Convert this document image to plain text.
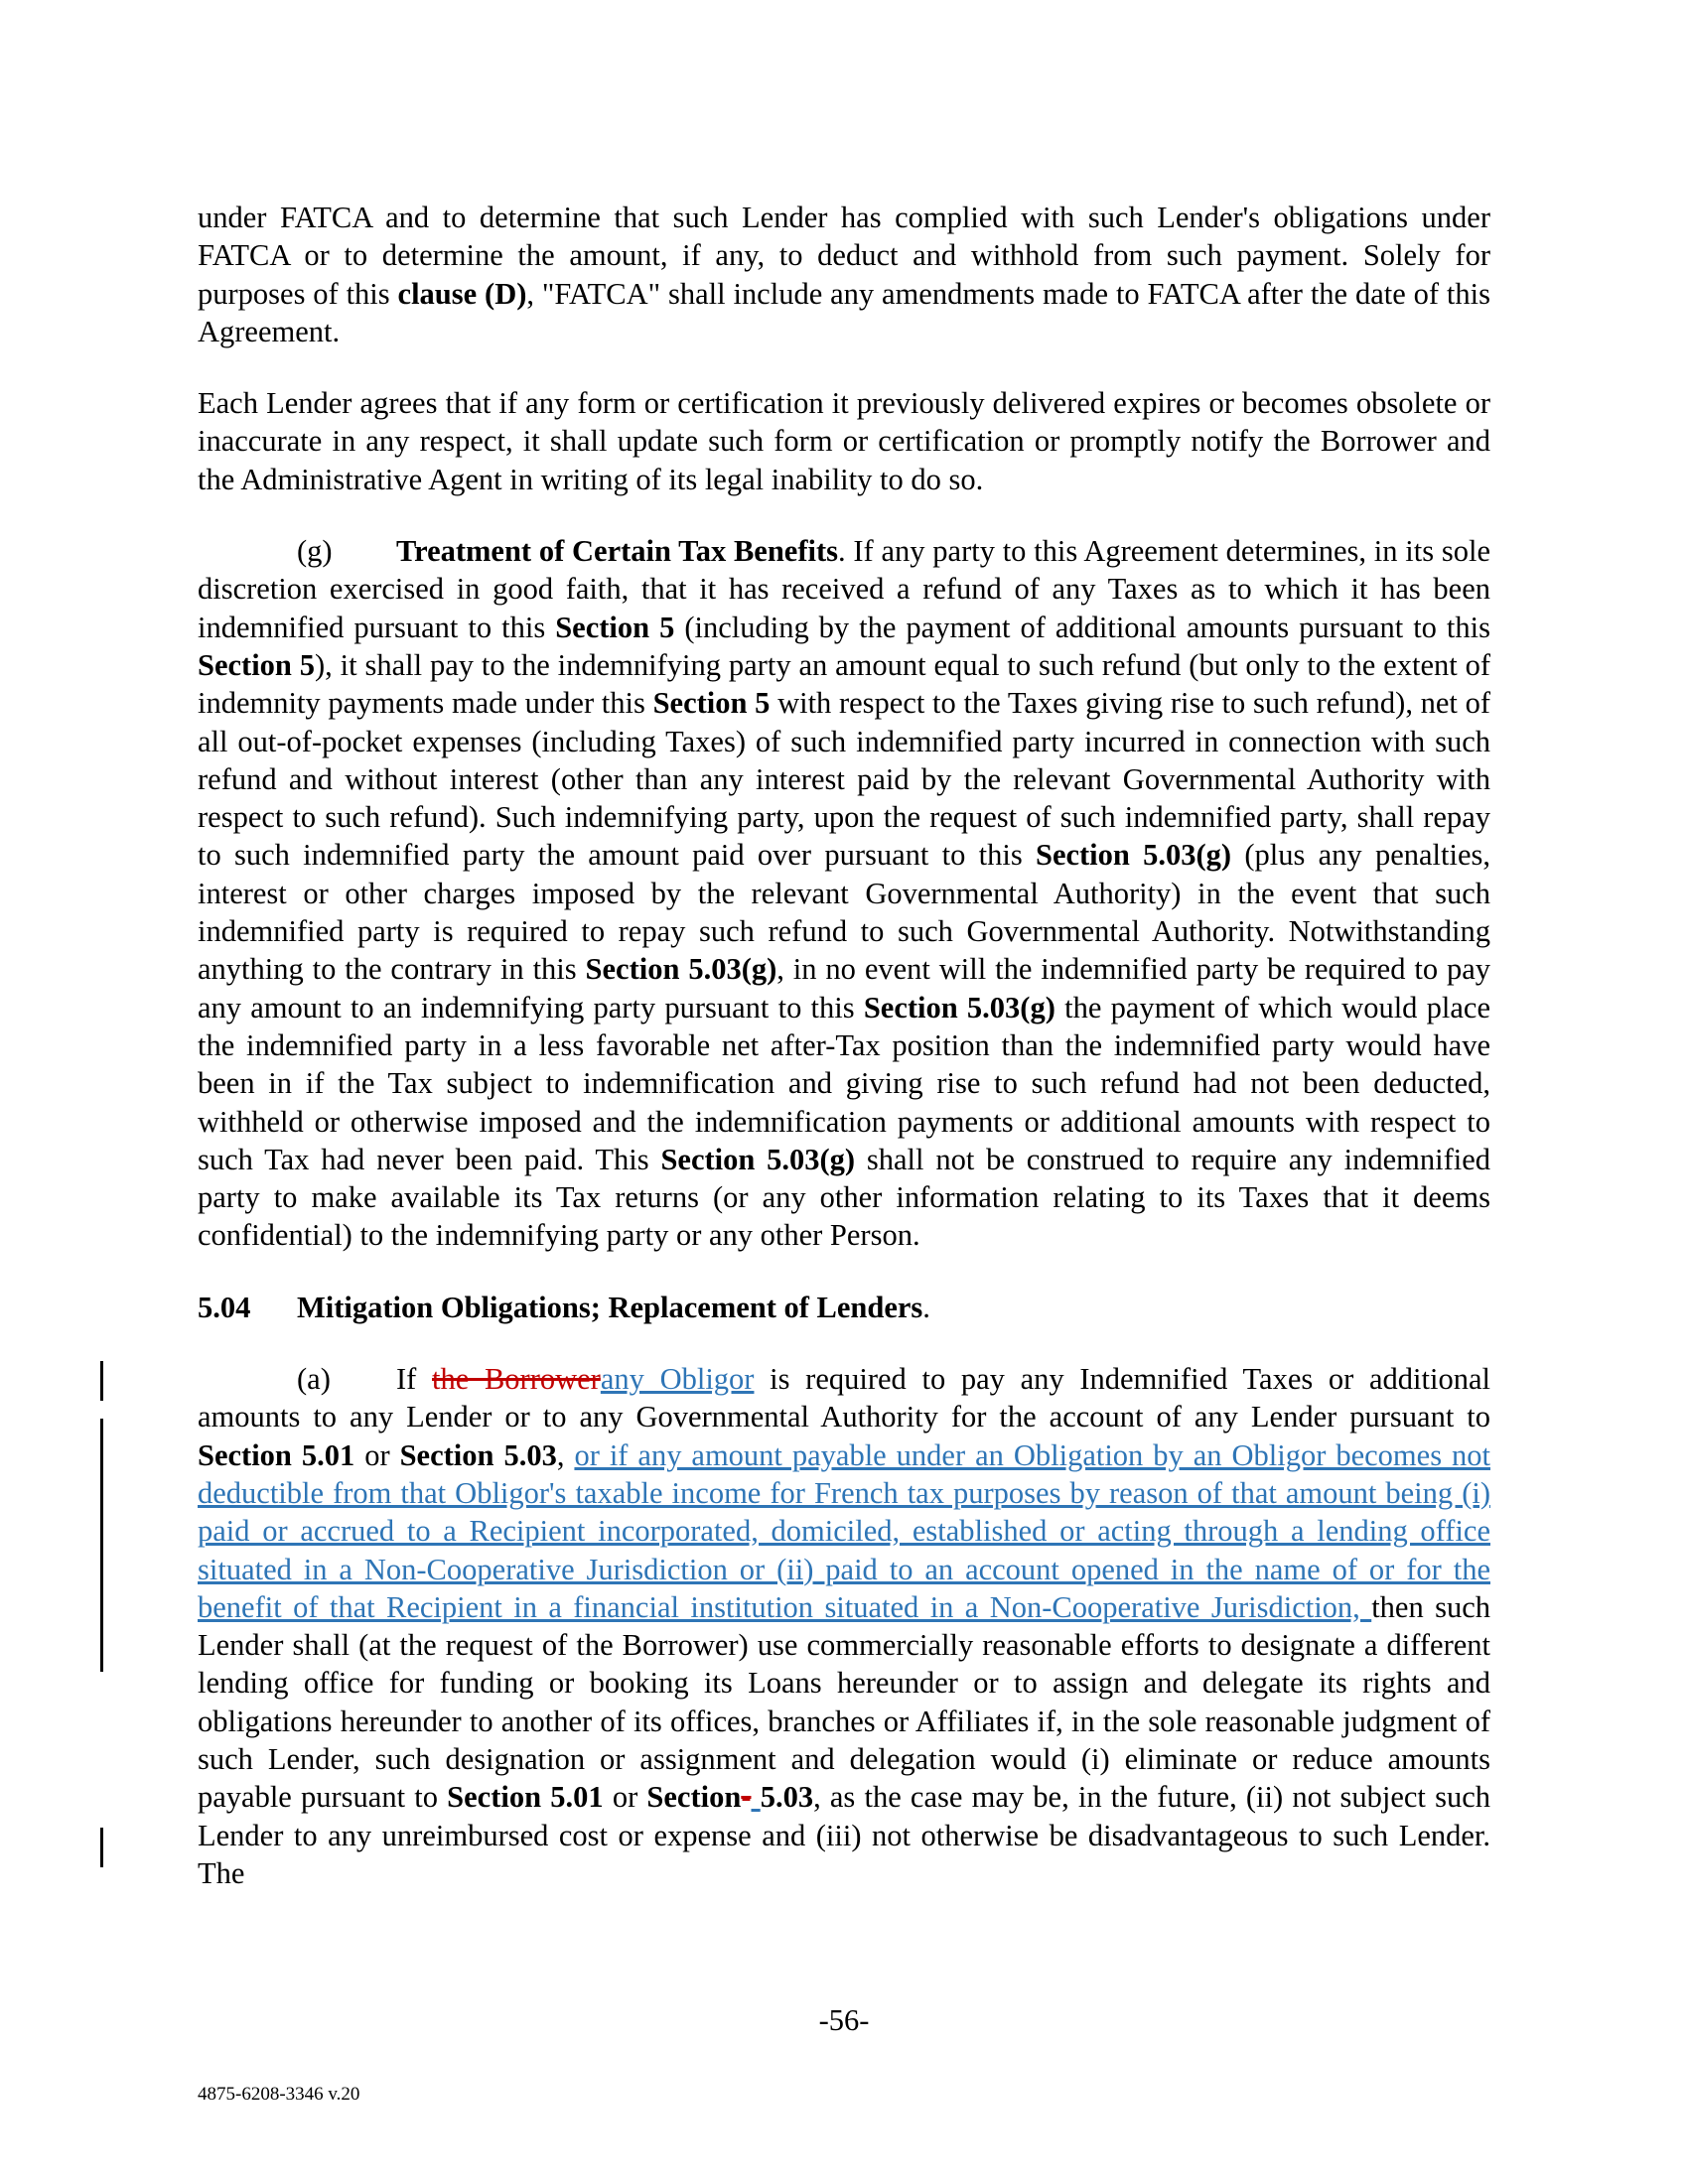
under FATCA and to determine that such Lender has complied with such Lender's obligations under FATCA or to determine the amount, if any, to deduct and withhold from such payment. Solely for purposes of this clause (D), "FATCA" shall include any amendments made to FATCA after the date of this Agreement.

Each Lender agrees that if any form or certification it previously delivered expires or becomes obsolete or inaccurate in any respect, it shall update such form or certification or promptly notify the Borrower and the Administrative Agent in writing of its legal inability to do so.

(g) Treatment of Certain Tax Benefits. If any party to this Agreement determines, in its sole discretion exercised in good faith, that it has received a refund of any Taxes as to which it has been indemnified pursuant to this Section 5 (including by the payment of additional amounts pursuant to this Section 5), it shall pay to the indemnifying party an amount equal to such refund (but only to the extent of indemnity payments made under this Section 5 with respect to the Taxes giving rise to such refund), net of all out-of-pocket expenses (including Taxes) of such indemnified party incurred in connection with such refund and without interest (other than any interest paid by the relevant Governmental Authority with respect to such refund). Such indemnifying party, upon the request of such indemnified party, shall repay to such indemnified party the amount paid over pursuant to this Section 5.03(g) (plus any penalties, interest or other charges imposed by the relevant Governmental Authority) in the event that such indemnified party is required to repay such refund to such Governmental Authority. Notwithstanding anything to the contrary in this Section 5.03(g), in no event will the indemnified party be required to pay any amount to an indemnifying party pursuant to this Section 5.03(g) the payment of which would place the indemnified party in a less favorable net after-Tax position than the indemnified party would have been in if the Tax subject to indemnification and giving rise to such refund had not been deducted, withheld or otherwise imposed and the indemnification payments or additional amounts with respect to such Tax had never been paid. This Section 5.03(g) shall not be construed to require any indemnified party to make available its Tax returns (or any other information relating to its Taxes that it deems confidential) to the indemnifying party or any other Person.

5.04 Mitigation Obligations; Replacement of Lenders.

(a) If the Borrowerany Obligor is required to pay any Indemnified Taxes or additional amounts to any Lender or to any Governmental Authority for the account of any Lender pursuant to Section 5.01 or Section 5.03, or if any amount payable under an Obligation by an Obligor becomes not deductible from that Obligor's taxable income for French tax purposes by reason of that amount being (i) paid or accrued to a Recipient incorporated, domiciled, established or acting through a lending office situated in a Non-Cooperative Jurisdiction or (ii) paid to an account opened in the name of or for the benefit of that Recipient in a financial institution situated in a Non-Cooperative Jurisdiction, then such Lender shall (at the request of the Borrower) use commercially reasonable efforts to designate a different lending office for funding or booking its Loans hereunder or to assign and delegate its rights and obligations hereunder to another of its offices, branches or Affiliates if, in the sole reasonable judgment of such Lender, such designation or assignment and delegation would (i) eliminate or reduce amounts payable pursuant to Section 5.01 or Section- 5.03, as the case may be, in the future, (ii) not subject such Lender to any unreimbursed cost or expense and (iii) not otherwise be disadvantageous to such Lender. The

-56-
4875-6208-3346 v.20
